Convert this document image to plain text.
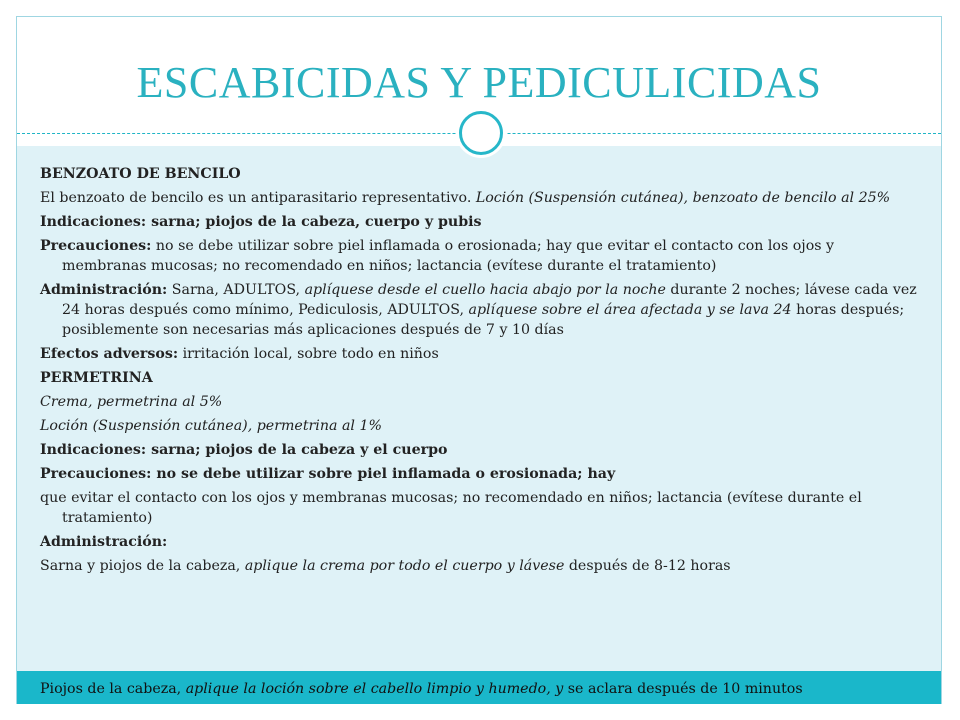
ESCABICIDAS Y PEDICULICIDAS

BENZOATO DE BENCILO

El benzoato de bencilo es un antiparasitario representativo. Loción (Suspensión cutánea), benzoato de bencilo al 25%

Indicaciones: sarna; piojos de la cabeza, cuerpo y pubis

Precauciones: no se debe utilizar sobre piel inflamada o erosionada; hay que evitar el contacto con los ojos y membranas mucosas; no recomendado en niños; lactancia (evítese durante el tratamiento)

Administración: Sarna, ADULTOS, aplíquese desde el cuello hacia abajo por la noche durante 2 noches; lávese cada vez 24 horas después como mínimo, Pediculosis, ADULTOS, aplíquese sobre el área afectada y se lava 24 horas después; posiblemente son necesarias más aplicaciones después de 7 y 10 días

Efectos adversos: irritación local, sobre todo en niños

PERMETRINA

Crema, permetrina al 5%

Loción (Suspensión cutánea), permetrina al 1%

Indicaciones: sarna; piojos de la cabeza y el cuerpo

Precauciones: no se debe utilizar sobre piel inflamada o erosionada; hay

que evitar el contacto con los ojos y membranas mucosas; no recomendado en niños; lactancia (evítese durante el tratamiento)

Administración:

Sarna y piojos de la cabeza, aplique la crema por todo el cuerpo y lávese después de 8-12 horas

Piojos de la cabeza, aplique la loción sobre el cabello limpio y humedo, y se aclara después de 10 minutos
